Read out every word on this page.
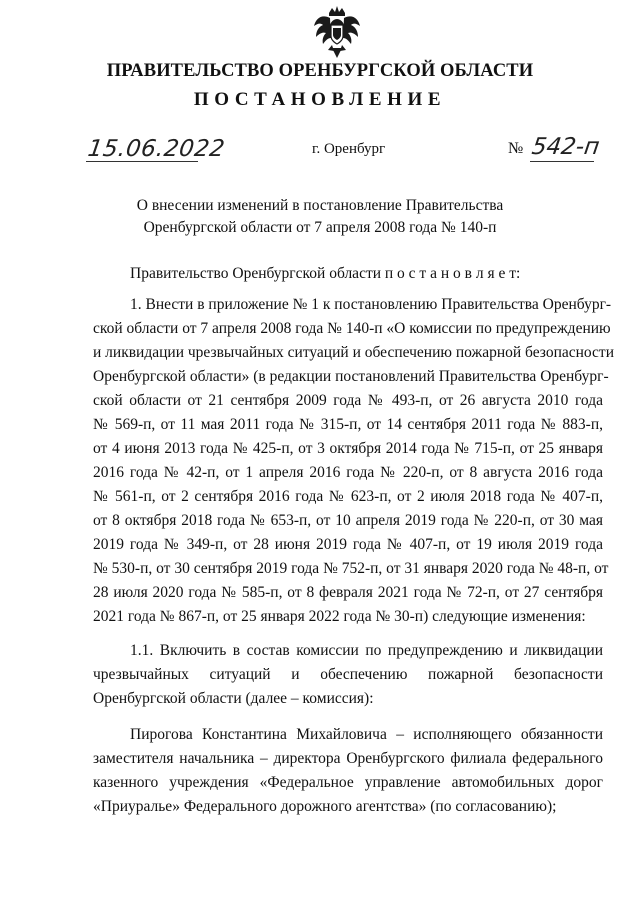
ПРАВИТЕЛЬСТВО ОРЕНБУРГСКОЙ ОБЛАСТИ
ПОСТАНОВЛЕНИЕ
15.06.2022	г. Оренбург	№ 542-п
О внесении изменений в постановление Правительства
Оренбургской области от 7 апреля 2008 года № 140-п
Правительство Оренбургской области п о с т а н о в л я е т:
1. Внести в приложение № 1 к постановлению Правительства Оренбург-
ской области от 7 апреля 2008 года № 140-п «О комиссии по предупреждению
и ликвидации чрезвычайных ситуаций и обеспечению пожарной безопасности
Оренбургской области» (в редакции постановлений Правительства Оренбург-
ской области от 21 сентября 2009 года № 493-п, от 26 августа 2010 года
№ 569-п, от 11 мая 2011 года № 315-п, от 14 сентября 2011 года № 883-п,
от 4 июня 2013 года № 425-п, от 3 октября 2014 года № 715-п, от 25 января
2016 года № 42-п, от 1 апреля 2016 года № 220-п, от 8 августа 2016 года
№ 561-п, от 2 сентября 2016 года № 623-п, от 2 июля 2018 года № 407-п,
от 8 октября 2018 года № 653-п, от 10 апреля 2019 года № 220-п, от 30 мая
2019 года № 349-п, от 28 июня 2019 года № 407-п, от 19 июля 2019 года
№ 530-п, от 30 сентября 2019 года № 752-п, от 31 января 2020 года № 48-п, от
28 июля 2020 года № 585-п, от 8 февраля 2021 года № 72-п, от 27 сентября
2021 года № 867-п, от 25 января 2022 года № 30-п) следующие изменения:
1.1. Включить в состав комиссии по предупреждению и ликвидации
чрезвычайных ситуаций и обеспечению пожарной безопасности
Оренбургской области (далее – комиссия):
Пирогова Константина Михайловича – исполняющего обязанности
заместителя начальника – директора Оренбургского филиала федерального
казенного учреждения «Федеральное управление автомобильных дорог
«Приуралье» Федерального дорожного агентства» (по согласованию);
